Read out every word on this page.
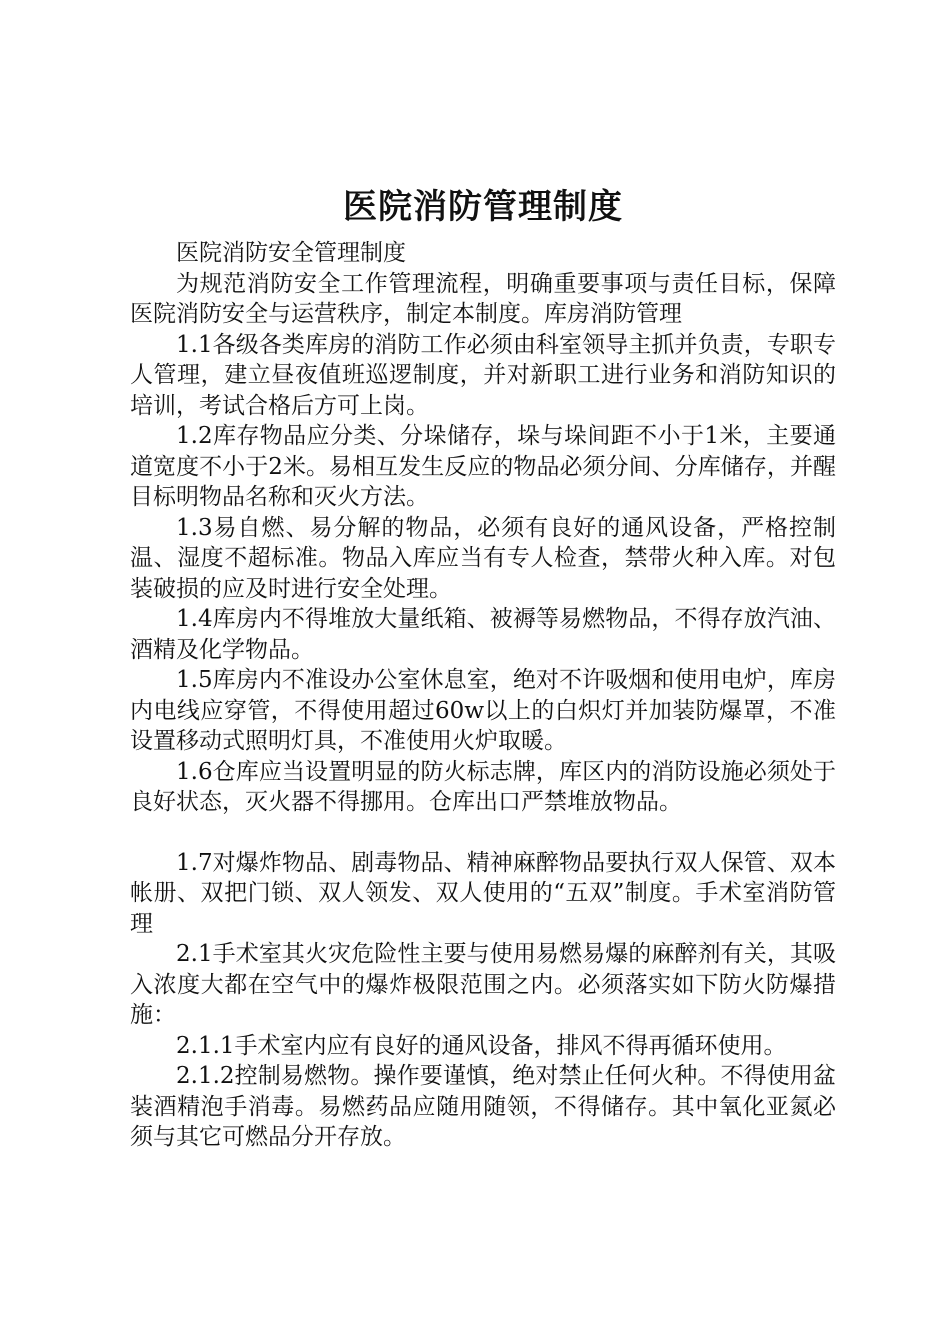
医院消防管理制度

医院消防安全管理制度

为规范消防安全工作管理流程，明确重要事项与责任目标，保障医院消防安全与运营秩序，制定本制度。库房消防管理

1.1各级各类库房的消防工作必须由科室领导主抓并负责，专职专人管理，建立昼夜值班巡逻制度，并对新职工进行业务和消防知识的培训，考试合格后方可上岗。

1.2库存物品应分类、分垛储存，垛与垛间距不小于1米，主要通道宽度不小于2米。易相互发生反应的物品必须分间、分库储存，并醒目标明物品名称和灭火方法。

1.3易自燃、易分解的物品，必须有良好的通风设备，严格控制温、湿度不超标准。物品入库应当有专人检查，禁带火种入库。对包装破损的应及时进行安全处理。

1.4库房内不得堆放大量纸箱、被褥等易燃物品，不得存放汽油、酒精及化学物品。

1.5库房内不准设办公室休息室，绝对不许吸烟和使用电炉，库房内电线应穿管，不得使用超过60w以上的白炽灯并加装防爆罩，不准设置移动式照明灯具，不准使用火炉取暖。

1.6仓库应当设置明显的防火标志牌，库区内的消防设施必须处于良好状态，灭火器不得挪用。仓库出口严禁堆放物品。

1.7对爆炸物品、剧毒物品、精神麻醉物品要执行双人保管、双本帐册、双把门锁、双人领发、双人使用的“五双”制度。手术室消防管理

2.1手术室其火灾危险性主要与使用易燃易爆的麻醉剂有关，其吸入浓度大都在空气中的爆炸极限范围之内。必须落实如下防火防爆措施：

2.1.1手术室内应有良好的通风设备，排风不得再循环使用。

2.1.2控制易燃物。操作要谨慎，绝对禁止任何火种。不得使用盆装酒精泡手消毒。易燃药品应随用随领，不得储存。其中氧化亚氮必须与其它可燃品分开存放。
